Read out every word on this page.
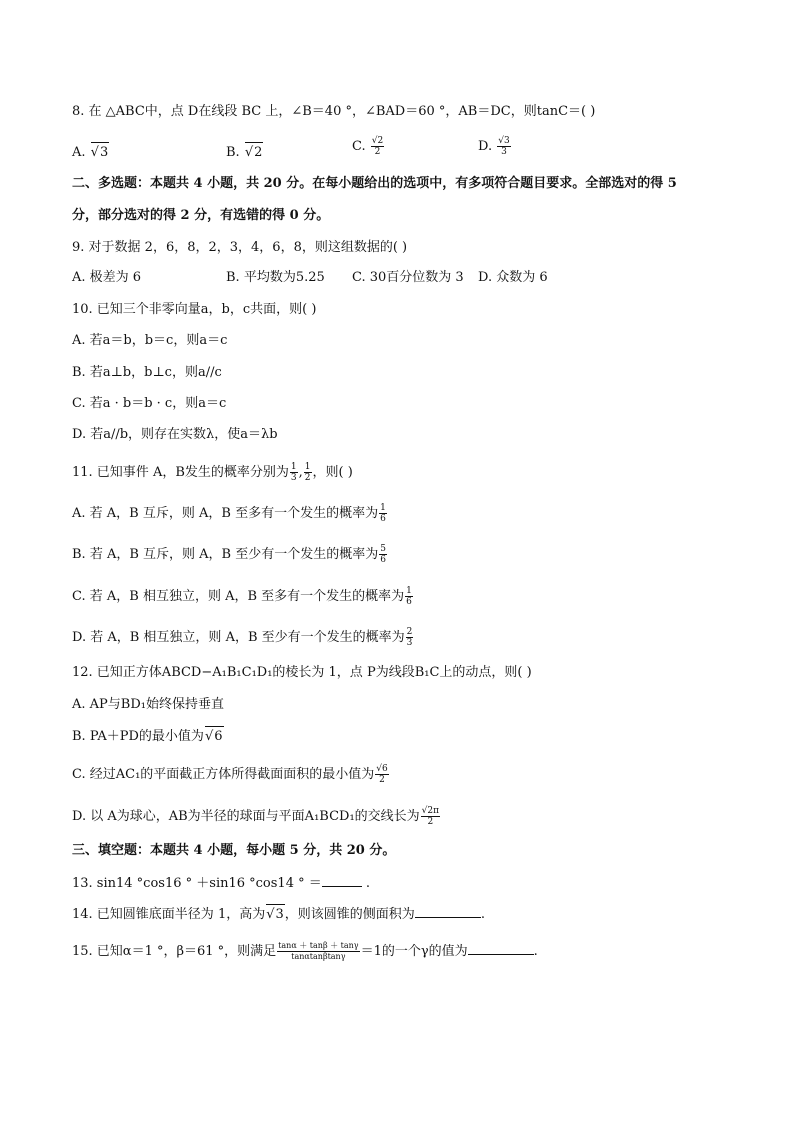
8. 在 △ABC中，点 D在线段 BC 上，∠B＝40 °，∠BAD＝60 °，AB＝DC，则tanC＝( )
A. √ 3	B. √ 2	C. $\frac{√2}{2}$	D. $\frac{√3}{3}$
二、多选题：本题共 4 小题，共 20 分。在每小题给出的选项中，有多项符合题目要求。全部选对的得 5
分，部分选对的得 2 分，有选错的得 0 分。
9. 对于数据 2，6，8，2，3，4，6，8，则这组数据的( )
A. 极差为 6	B. 平均数为5.25 C. 30百分位数为 3 D. 众数为 6
10. 已知三个非零向量a，b，c共面，则( )
A. 若a＝b，b＝c，则a＝c
B. 若a⊥b，b⊥c，则a//c
C. 若a · b＝b · c，则a＝c
D. 若a//b，则存在实数λ，使a＝λb
11. 已知事件 A，B发生的概率分别为 $\frac{1}{3}$ , $\frac{1}{2}$ ，则( )
A. 若 A，B 互斥，则 A，B 至多有一个发生的概率为 $\frac{1}{6}$
B. 若 A，B 互斥，则 A，B 至少有一个发生的概率为 $\frac{5}{6}$
C. 若 A，B 相互独立，则 A，B 至多有一个发生的概率为 $\frac{1}{6}$
D. 若 A，B 相互独立，则 A，B 至少有一个发生的概率为 $\frac{2}{3}$
12. 已知正方体ABCD−A₁B₁C₁D₁的棱长为 1，点 P为线段B₁C上的动点，则( )
A. AP与BD₁始终保持垂直
B. PA＋PD的最小值为 √ 6
C. 经过AC₁的平面截正方体所得截面面积的最小值为 $\frac{√6}{2}$
D. 以 A为球心，AB为半径的球面与平面A₁BCD₁的交线长为 $\frac{√2\pi}{2}$
三、填空题：本题共 4 小题，每小题 5 分，共 20 分。
13. sin14 °cos16 ° ＋sin16 °cos14 ° ＝	.
14. 已知圆锥底面半径为 1，高为 √ 3，则该圆锥的侧面积为	.
15. 已知α＝1 °，β＝61 °，则满足 $\frac{\tan\alpha + \tan\beta + \tan\gamma}{\tan\alpha\tan\beta\tan\gamma} =1$的一个γ的值为	.
